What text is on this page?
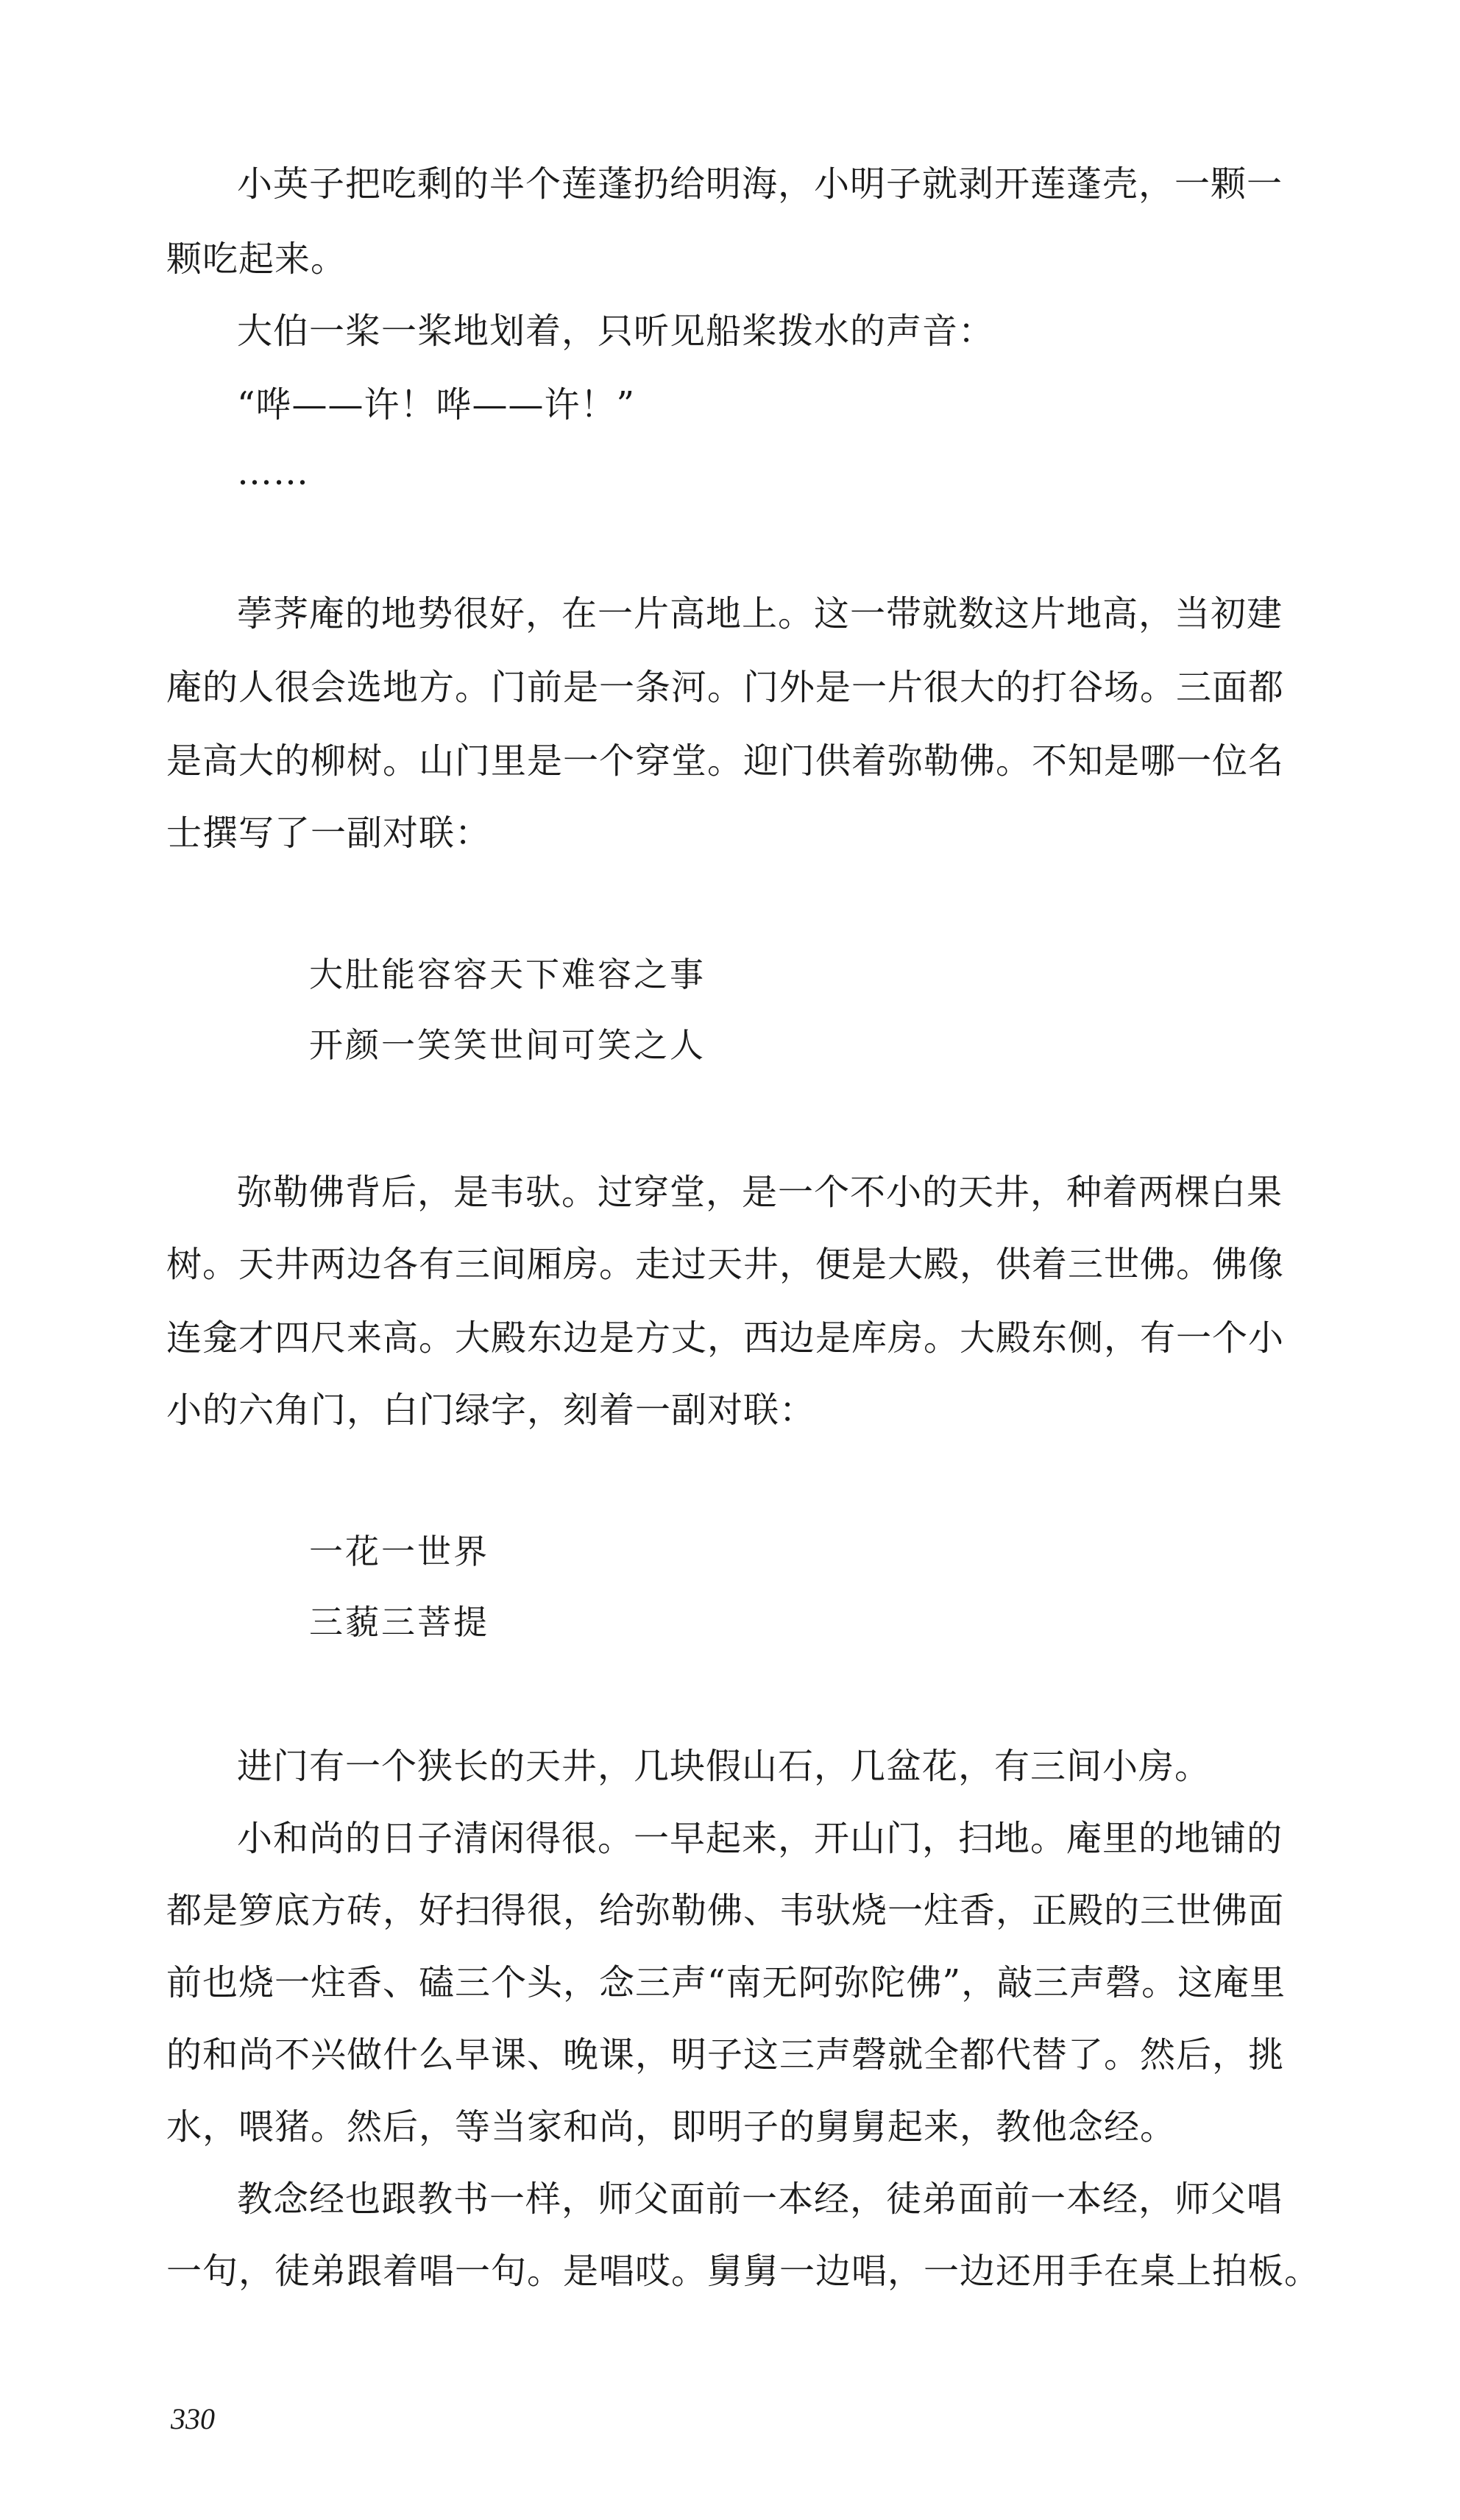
小英子把吃剩的半个莲蓬扔给明海，小明子就剥开莲蓬壳，一颗一
颗吃起来。
大伯一桨一桨地划着，只听见船桨拨水的声音：
“哗——许！哗——许！”
……
荸荠庵的地势很好，在一片高地上。这一带就数这片地高，当初建
庵的人很会选地方。门前是一条河。门外是一片很大的打谷场。三面都
是高大的柳树。山门里是一个穿堂。迎门供着弥勒佛。不知是哪一位名
士撰写了一副对联：
大肚能容容天下难容之事
开颜一笑笑世间可笑之人
弥勒佛背后，是韦驮。过穿堂，是一个不小的天井，种着两棵白果
树。天井两边各有三间厢房。走过天井，便是大殿，供着三世佛。佛像
连龛才四尺来高。大殿东边是方丈，西边是库房。大殿东侧，有一个小
小的六角门，白门绿字，刻着一副对联：
一花一世界
三藐三菩提
进门有一个狭长的天井，几块假山石，几盆花，有三间小房。
小和尚的日子清闲得很。一早起来，开山门，扫地。庵里的地铺的
都是箩底方砖，好扫得很，给弥勒佛、韦驮烧一炷香，正殿的三世佛面
前也烧一炷香、磕三个头，念三声“南无阿弥陀佛”，敲三声磬。这庵里
的和尚不兴做什么早课、晚课，明子这三声磬就全都代替了。然后，挑
水，喂猪。然后，等当家和尚，即明子的舅舅起来，教他念经。
教念经也跟教书一样，师父面前一本经，徒弟面前一本经，师父唱
一句，徒弟跟着唱一句。是唱哎。舅舅一边唱，一边还用手在桌上拍板。
330
